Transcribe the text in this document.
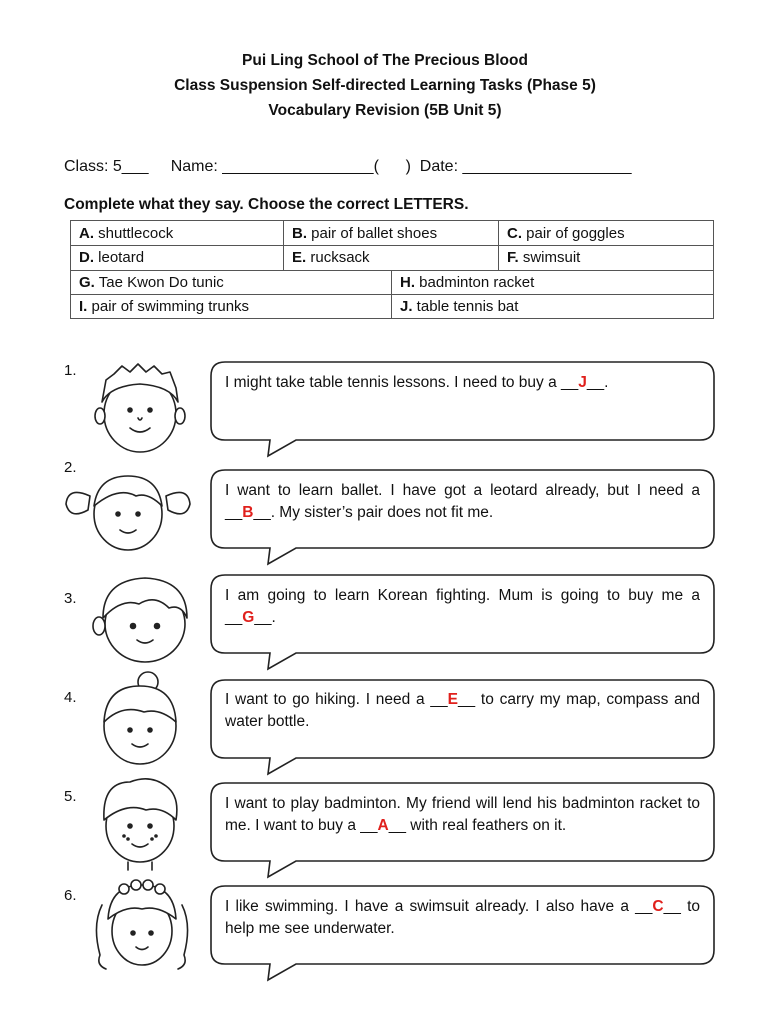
Pui Ling School of The Precious Blood
Class Suspension Self-directed Learning Tasks (Phase 5)
Vocabulary Revision (5B Unit 5)
Class: 5___     Name: _________________(      )  Date: ___________________
Complete what they say. Choose the correct LETTERS.
A. shuttlecock	B. pair of ballet shoes	C. pair of goggles
D. leotard	E. rucksack	F. swimsuit
G. Tae Kwon Do tunic	H. badminton racket
I. pair of swimming trunks	J. table tennis bat
1.
2.
3.
4.
5.
6.
I might take table tennis lessons. I need to buy a __J__.
I want to learn ballet. I have got a leotard already, but I need a __B__. My sister’s pair does not fit me.
I am going to learn Korean fighting. Mum is going to buy me a __G__.
I want to go hiking. I need a __E__ to carry my map, compass and water bottle.
I want to play badminton. My friend will lend his badminton racket to me. I want to buy a __A__ with real feathers on it.
I like swimming. I have a swimsuit already. I also have a __C__ to help me see underwater.
